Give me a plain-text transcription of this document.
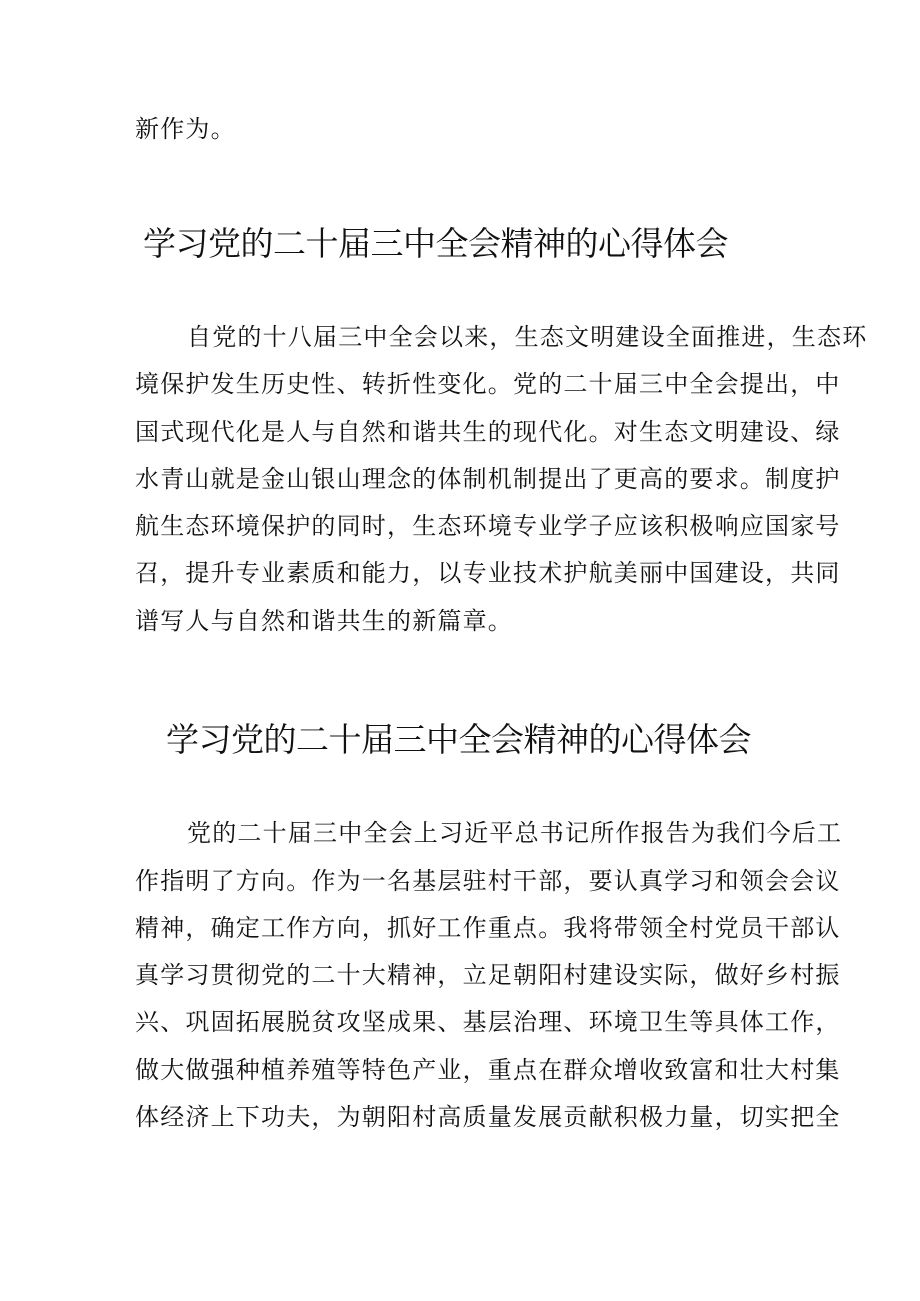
新作为。
学习党的二十届三中全会精神的心得体会
自党的十八届三中全会以来，生态文明建设全面推进，生态环
境保护发生历史性、转折性变化。党的二十届三中全会提出，中
国式现代化是人与自然和谐共生的现代化。对生态文明建设、绿
水青山就是金山银山理念的体制机制提出了更高的要求。制度护
航生态环境保护的同时，生态环境专业学子应该积极响应国家号
召，提升专业素质和能力，以专业技术护航美丽中国建设，共同
谱写人与自然和谐共生的新篇章。
学习党的二十届三中全会精神的心得体会
党的二十届三中全会上习近平总书记所作报告为我们今后工
作指明了方向。作为一名基层驻村干部，要认真学习和领会会议
精神，确定工作方向，抓好工作重点。我将带领全村党员干部认
真学习贯彻党的二十大精神，立足朝阳村建设实际，做好乡村振
兴、巩固拓展脱贫攻坚成果、基层治理、环境卫生等具体工作，
做大做强种植养殖等特色产业，重点在群众增收致富和壮大村集
体经济上下功夫，为朝阳村高质量发展贡献积极力量，切实把全
